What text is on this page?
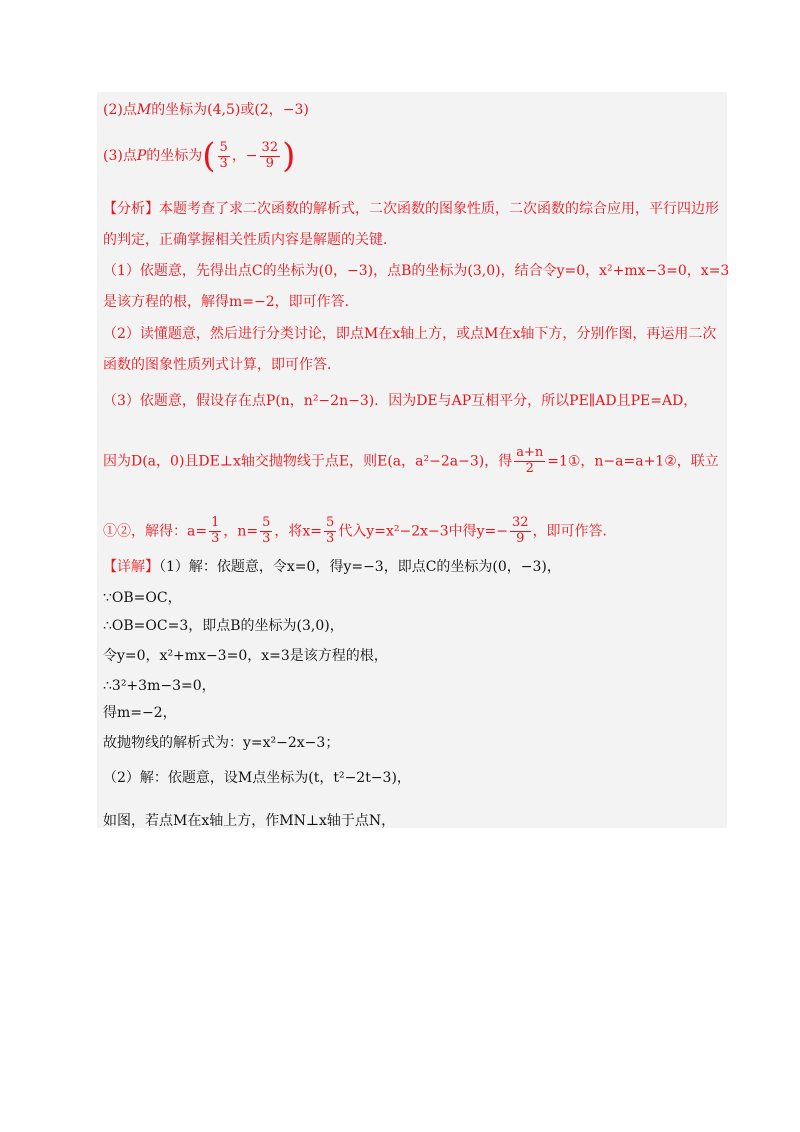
(2)点M的坐标为(4,5)或(2，−3)
(3)点P的坐标为( $\frac{5}{3}$ ，− $\frac{32}{9}$ )
【分析】本题考查了求二次函数的解析式，二次函数的图象性质，二次函数的综合应用，平行四边形
的判定，正确掌握相关性质内容是解题的关键．
（1）依题意，先得出点C的坐标为(0，−3)，点B的坐标为(3,0)，结合令y=0，x²+mx−3=0，x=3
是该方程的根，解得m=−2，即可作答．
（2）读懂题意，然后进行分类讨论，即点M在x轴上方，或点M在x轴下方，分别作图，再运用二次
函数的图象性质列式计算，即可作答．
（3）依题意，假设存在点P(n，n²−2n−3)．因为DE与AP互相平分，所以PE∥AD且PE=AD，
因为D(a，0)且DE⊥x轴交抛物线于点E，则E(a，a²−2a−3)，得 $\frac{a+n}{2}$ =1①，n−a=a+1②，联立
①②，解得：$a= \frac{1}{3}$ ，$n= \frac{5}{3}$ ，将$x= \frac{5}{3}$ 代入y=x²−2x−3中得$y=- \frac{32}{9}$ ，即可作答．
【详解】（1）解：依题意，令x=0，得y=−3，即点C的坐标为(0，−3)，
∵OB=OC，
∴OB=OC=3，即点B的坐标为(3,0)，
令y=0，x²+mx−3=0，x=3是该方程的根，
∴3²+3m−3=0，
得m=−2，
故抛物线的解析式为：y=x²−2x−3；
（2）解：依题意，设M点坐标为(t，t²−2t−3)，
如图，若点M在x轴上方，作MN⊥x轴于点N，
